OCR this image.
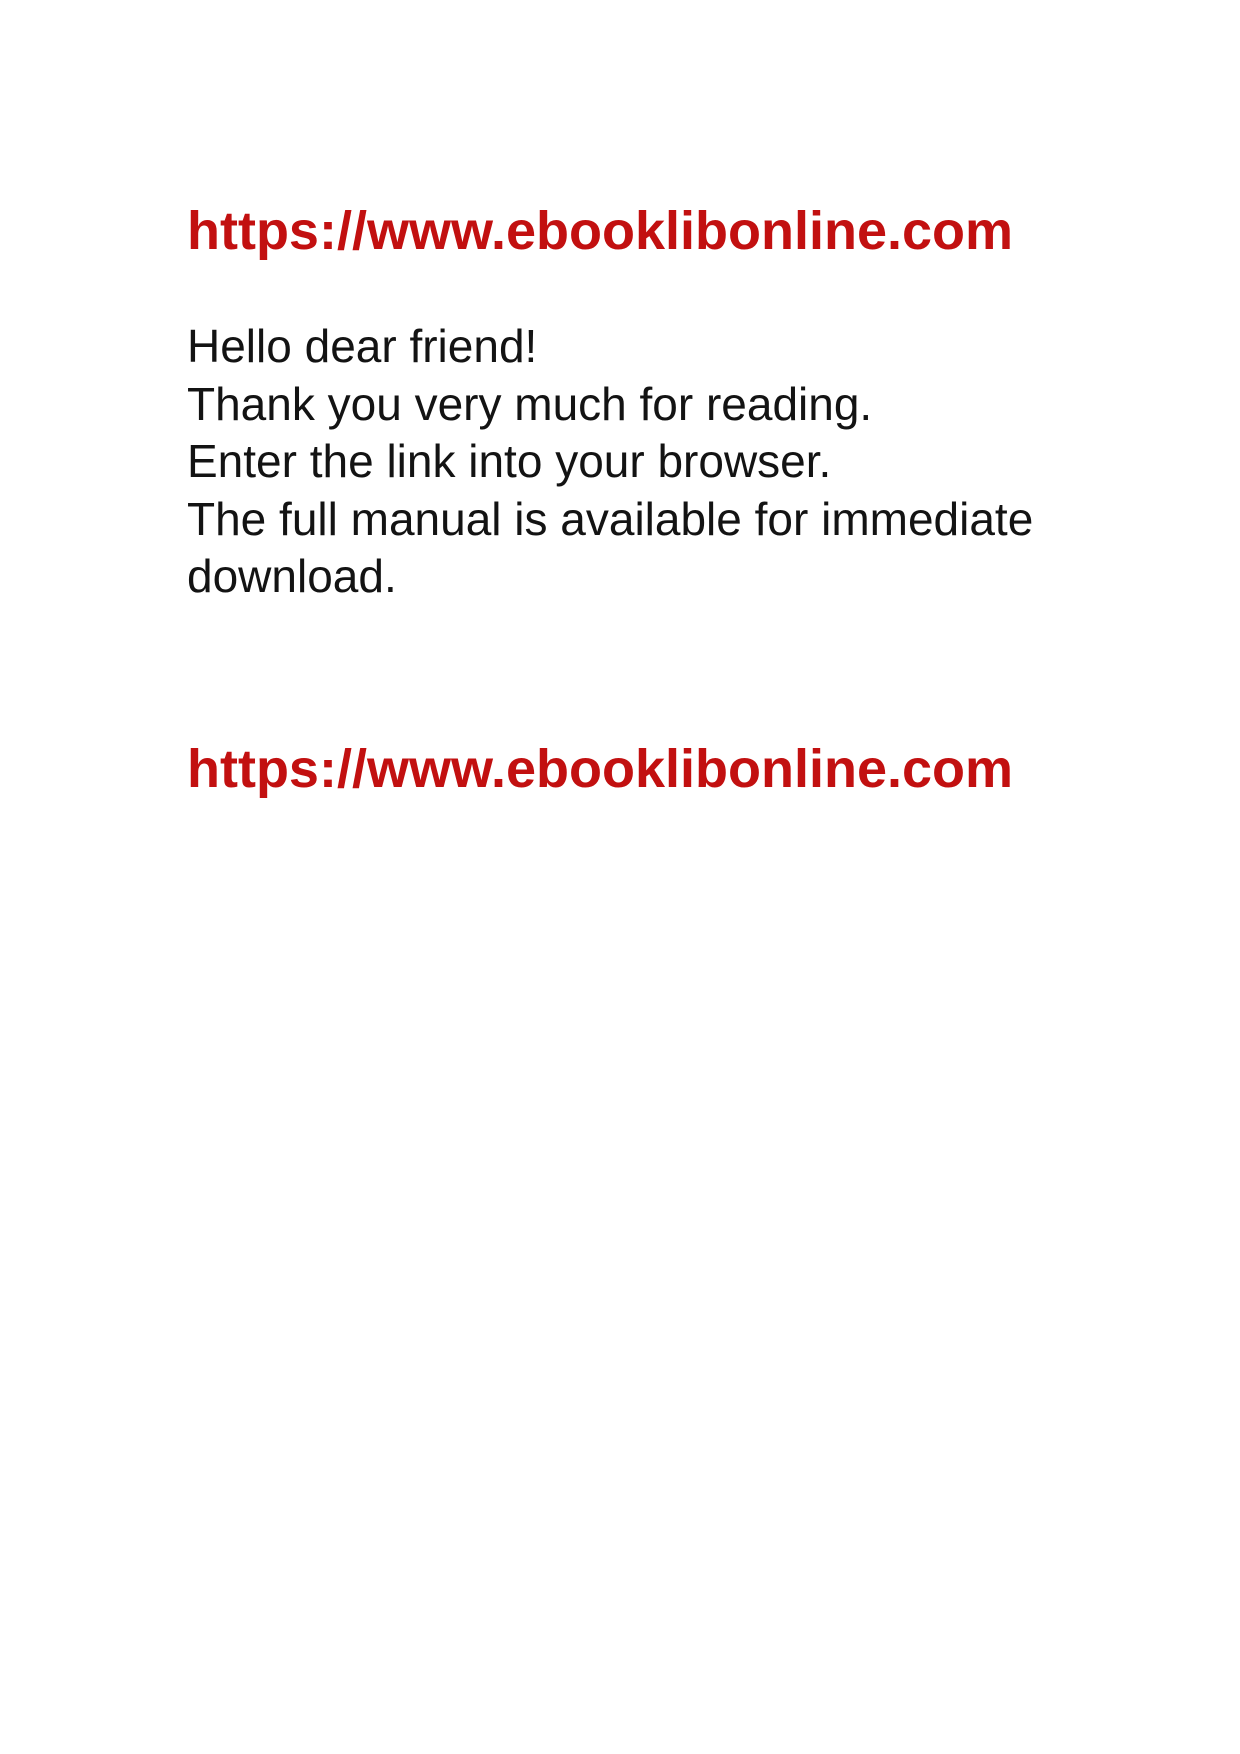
https://www.ebooklibonline.com
Hello dear friend!
Thank you very much for reading.
Enter the link into your browser.
The full manual is available for immediate
download.
https://www.ebooklibonline.com
